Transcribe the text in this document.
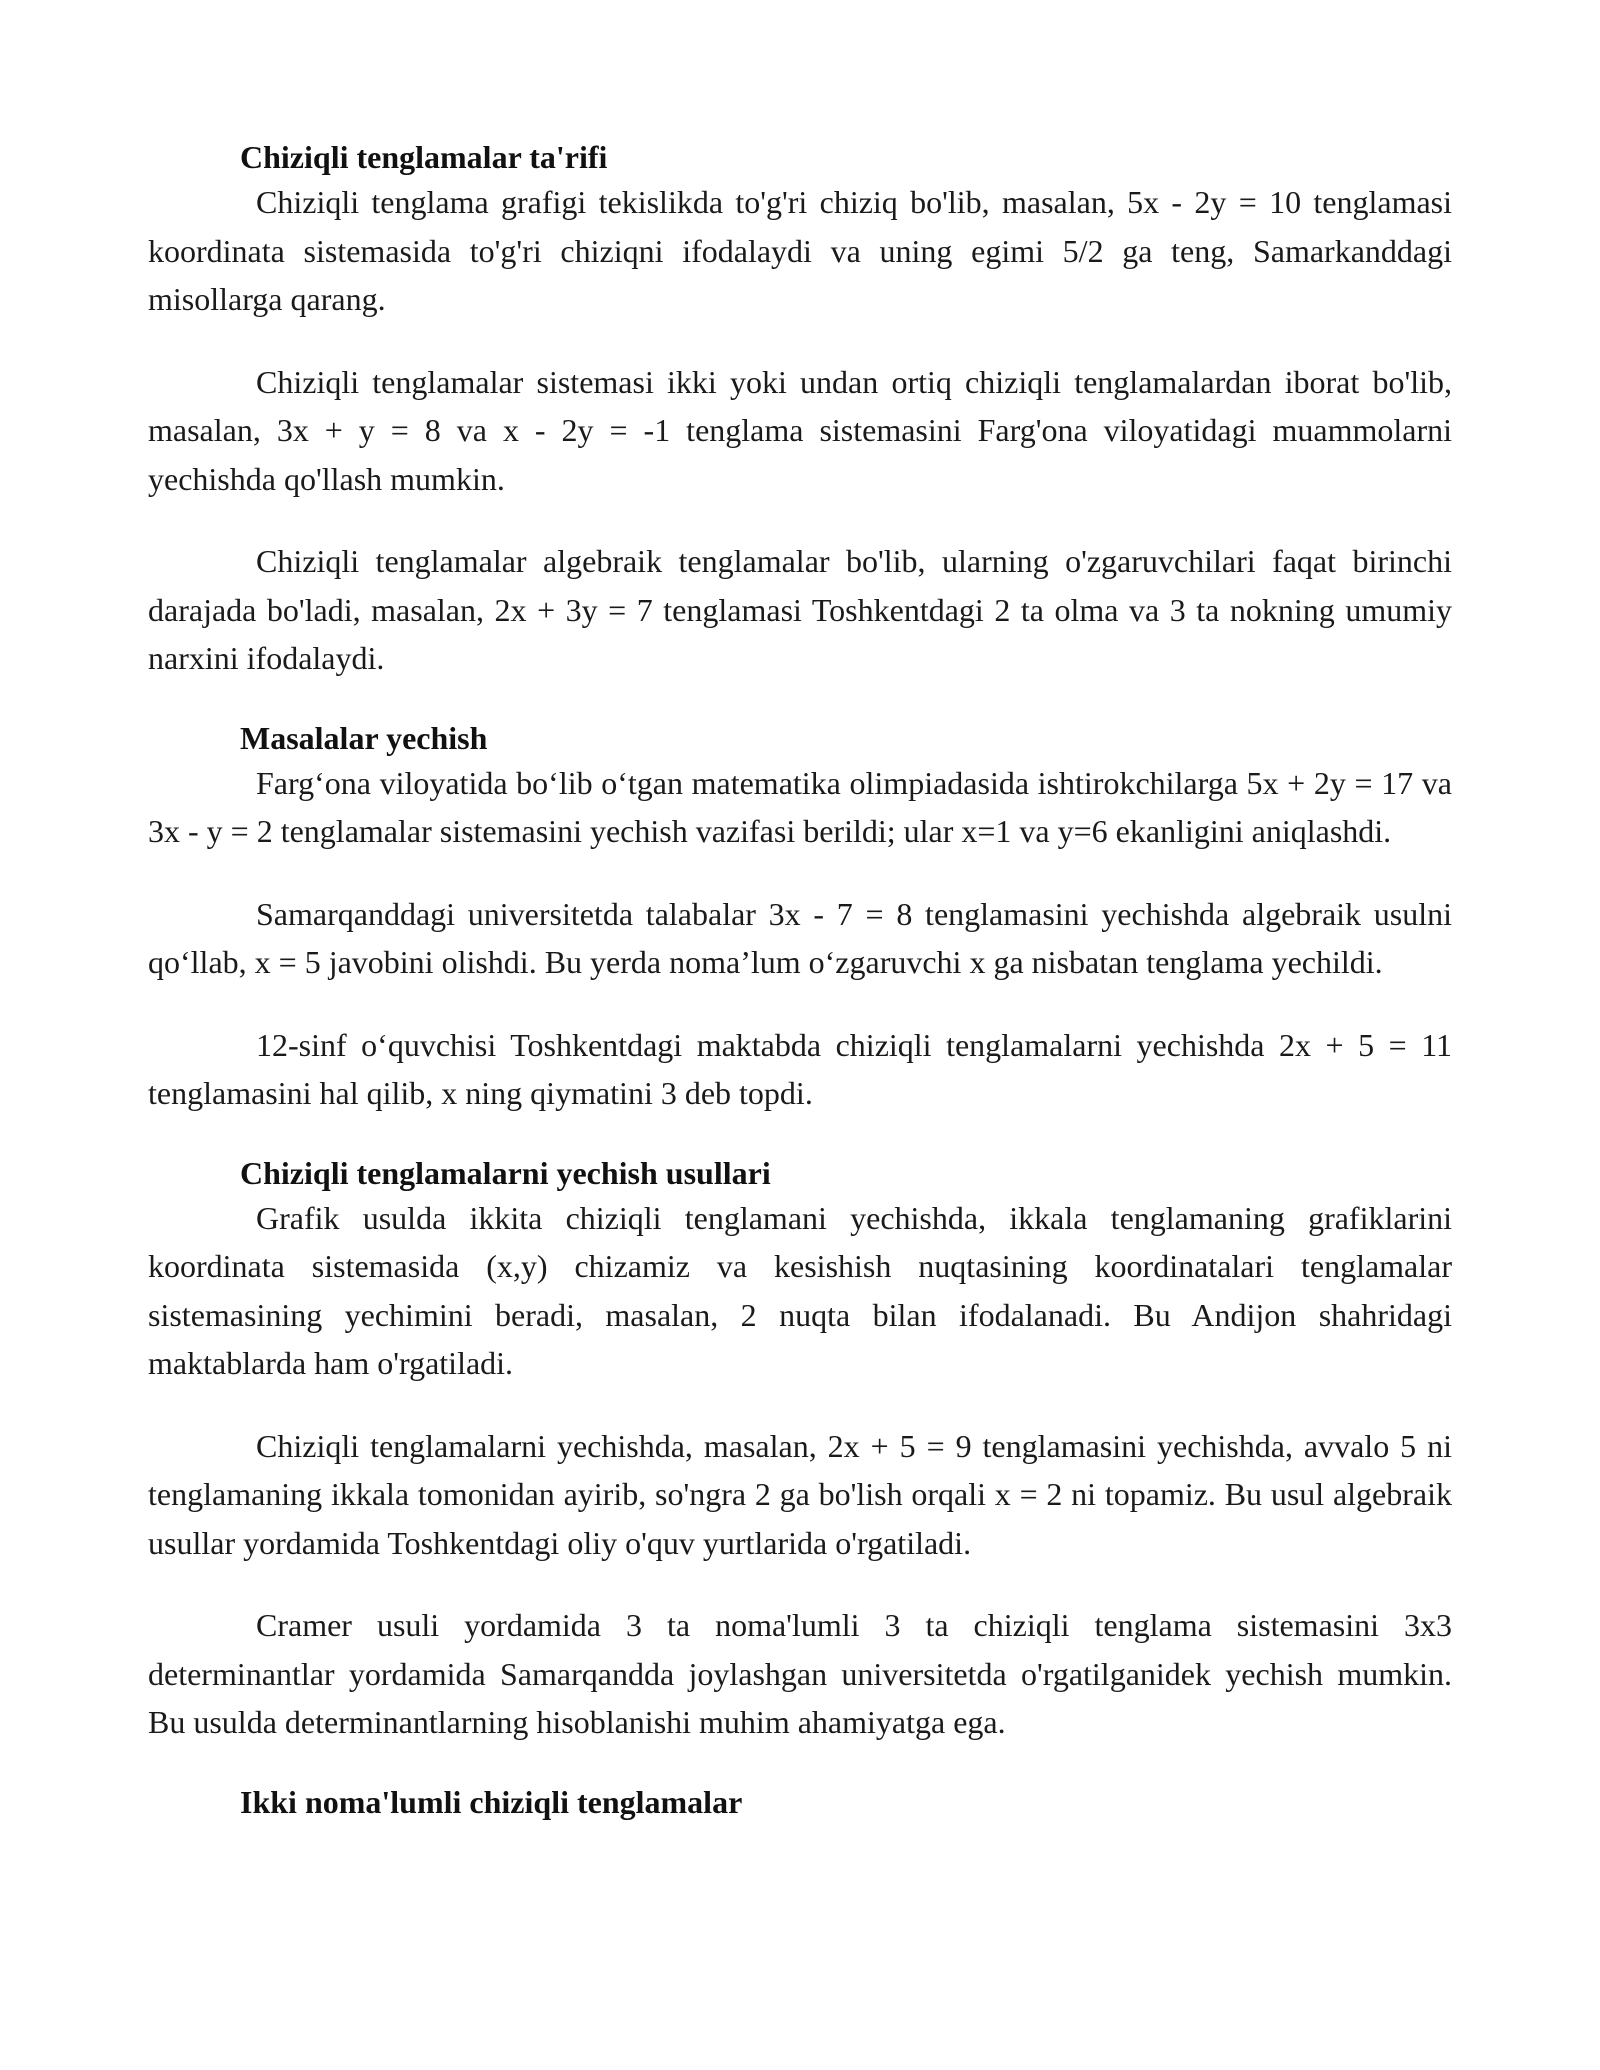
Chiziqli tenglamalar ta'rifi

Chiziqli tenglama grafigi tekislikda to'g'ri chiziq bo'lib, masalan, 5x - 2y = 10 tenglamasi koordinata sistemasida to'g'ri chiziqni ifodalaydi va uning egimi 5/2 ga teng, Samarkanddagi misollarga qarang.

Chiziqli tenglamalar sistemasi ikki yoki undan ortiq chiziqli tenglamalardan iborat bo'lib, masalan, 3x + y = 8 va x - 2y = -1 tenglama sistemasini Farg'ona viloyatidagi muammolarni yechishda qo'llash mumkin.

Chiziqli tenglamalar algebraik tenglamalar bo'lib, ularning o'zgaruvchilari faqat birinchi darajada bo'ladi, masalan, 2x + 3y = 7 tenglamasi Toshkentdagi 2 ta olma va 3 ta nokning umumiy narxini ifodalaydi.

Masalalar yechish

Farg‘ona viloyatida bo‘lib o‘tgan matematika olimpiadasida ishtirokchilarga 5x + 2y = 17 va 3x - y = 2 tenglamalar sistemasini yechish vazifasi berildi; ular x=1 va y=6 ekanligini aniqlashdi.

Samarqanddagi universitetda talabalar 3x - 7 = 8 tenglamasini yechishda algebraik usulni qo‘llab, x = 5 javobini olishdi. Bu yerda noma’lum o‘zgaruvchi x ga nisbatan tenglama yechildi.

12-sinf o‘quvchisi Toshkentdagi maktabda chiziqli tenglamalarni yechishda 2x + 5 = 11 tenglamasini hal qilib, x ning qiymatini 3 deb topdi.

Chiziqli tenglamalarni yechish usullari

Grafik usulda ikkita chiziqli tenglamani yechishda, ikkala tenglamaning grafiklarini koordinata sistemasida (x,y) chizamiz va kesishish nuqtasining koordinatalari tenglamalar sistemasining yechimini beradi, masalan, 2 nuqta bilan ifodalanadi. Bu Andijon shahridagi maktablarda ham o'rgatiladi.

Chiziqli tenglamalarni yechishda, masalan, 2x + 5 = 9 tenglamasini yechishda, avvalo 5 ni tenglamaning ikkala tomonidan ayirib, so'ngra 2 ga bo'lish orqali x = 2 ni topamiz. Bu usul algebraik usullar yordamida Toshkentdagi oliy o'quv yurtlarida o'rgatiladi.

Cramer usuli yordamida 3 ta noma'lumli 3 ta chiziqli tenglama sistemasini 3x3 determinantlar yordamida Samarqandda joylashgan universitetda o'rgatilganidek yechish mumkin. Bu usulda determinantlarning hisoblanishi muhim ahamiyatga ega.

Ikki noma'lumli chiziqli tenglamalar
